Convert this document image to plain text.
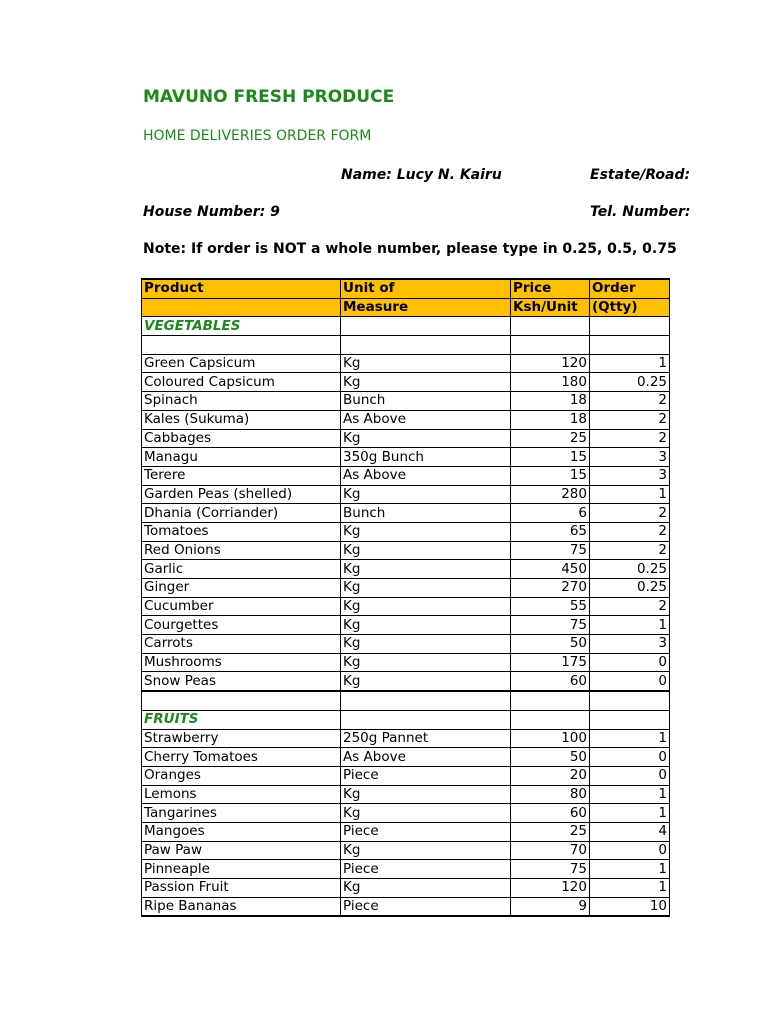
MAVUNO FRESH PRODUCE
HOME DELIVERIES ORDER FORM
Name: Lucy N. Kairu	Estate/Road:
House Number: 9	Tel. Number:
Note: If order is NOT a whole number, please type in 0.25, 0.5, 0.75
Product	Unit of	Price	Order
	Measure	Ksh/Unit	(Qtty)
VEGETABLES			

Green Capsicum	Kg	120	1
Coloured Capsicum	Kg	180	0.25
Spinach	Bunch	18	2
Kales (Sukuma)	As Above	18	2
Cabbages	Kg	25	2
Managu	350g Bunch	15	3
Terere	As Above	15	3
Garden Peas (shelled)	Kg	280	1
Dhania (Corriander)	Bunch	6	2
Tomatoes	Kg	65	2
Red Onions	Kg	75	2
Garlic	Kg	450	0.25
Ginger	Kg	270	0.25
Cucumber	Kg	55	2
Courgettes	Kg	75	1
Carrots	Kg	50	3
Mushrooms	Kg	175	0
Snow Peas	Kg	60	0

FRUITS			
Strawberry	250g Pannet	100	1
Cherry Tomatoes	As Above	50	0
Oranges	Piece	20	0
Lemons	Kg	80	1
Tangarines	Kg	60	1
Mangoes	Piece	25	4
Paw Paw	Kg	70	0
Pinneaple	Piece	75	1
Passion Fruit	Kg	120	1
Ripe Bananas	Piece	9	10
